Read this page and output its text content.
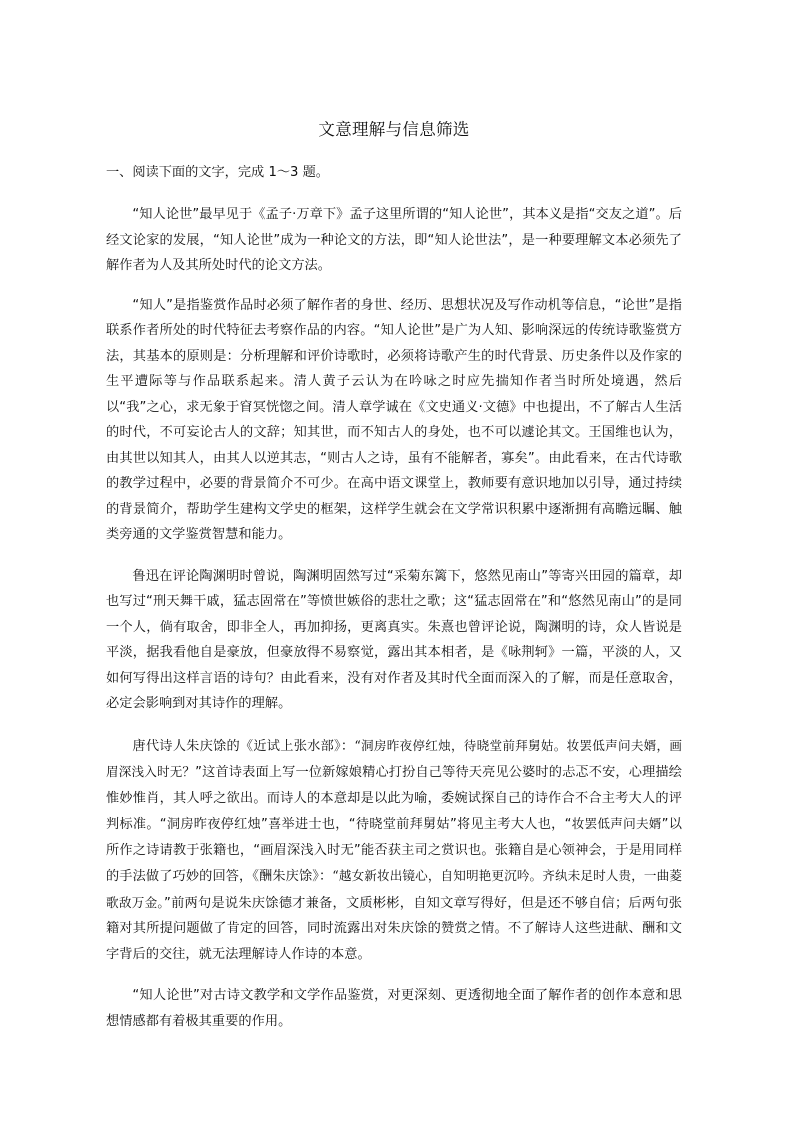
文意理解与信息筛选

一、阅读下面的文字，完成 1～3 题。

“知人论世”最早见于《孟子·万章下》孟子这里所谓的“知人论世”，其本义是指“交友之道”。后经文论家的发展，“知人论世”成为一种论文的方法，即“知人论世法”，是一种要理解文本必须先了解作者为人及其所处时代的论文方法。

“知人”是指鉴赏作品时必须了解作者的身世、经历、思想状况及写作动机等信息，“论世”是指联系作者所处的时代特征去考察作品的内容。“知人论世”是广为人知、影响深远的传统诗歌鉴赏方法，其基本的原则是：分析理解和评价诗歌时，必须将诗歌产生的时代背景、历史条件以及作家的生平遭际等与作品联系起来。清人黄子云认为在吟咏之时应先揣知作者当时所处境遇，然后以“我”之心，求无象于窅冥恍惚之间。清人章学诚在《文史通义·文德》中也提出，不了解古人生活的时代，不可妄论古人的文辞；知其世，而不知古人的身处，也不可以遽论其文。王国维也认为，由其世以知其人，由其人以逆其志，“则古人之诗，虽有不能解者，寡矣”。由此看来，在古代诗歌的教学过程中，必要的背景简介不可少。在高中语文课堂上，教师要有意识地加以引导，通过持续的背景简介，帮助学生建构文学史的框架，这样学生就会在文学常识积累中逐渐拥有高瞻远瞩、触类旁通的文学鉴赏智慧和能力。

鲁迅在评论陶渊明时曾说，陶渊明固然写过“采菊东篱下，悠然见南山”等寄兴田园的篇章，却也写过“刑天舞干戚，猛志固常在”等愤世嫉俗的悲壮之歌；这“猛志固常在”和“悠然见南山”的是同一个人，倘有取舍，即非全人，再加抑扬，更离真实。朱熹也曾评论说，陶渊明的诗，众人皆说是平淡，据我看他自是豪放，但豪放得不易察觉，露出其本相者，是《咏荆轲》一篇，平淡的人，又如何写得出这样言语的诗句？由此看来，没有对作者及其时代全面而深入的了解，而是任意取舍，必定会影响到对其诗作的理解。

唐代诗人朱庆馀的《近试上张水部》：“洞房昨夜停红烛，待晓堂前拜舅姑。妆罢低声问夫婿，画眉深浅入时无？”这首诗表面上写一位新嫁娘精心打扮自己等待天亮见公婆时的忐忑不安，心理描绘惟妙惟肖，其人呼之欲出。而诗人的本意却是以此为喻，委婉试探自己的诗作合不合主考大人的评判标准。“洞房昨夜停红烛”喜举进士也，“待晓堂前拜舅姑”将见主考大人也，“妆罢低声问夫婿”以所作之诗请教于张籍也，“画眉深浅入时无”能否获主司之赏识也。张籍自是心领神会，于是用同样的手法做了巧妙的回答，《酬朱庆馀》：“越女新妆出镜心，自知明艳更沉吟。齐纨未足时人贵，一曲菱歌敌万金。”前两句是说朱庆馀德才兼备，文质彬彬，自知文章写得好，但是还不够自信；后两句张籍对其所提问题做了肯定的回答，同时流露出对朱庆馀的赞赏之情。不了解诗人这些进献、酬和文字背后的交往，就无法理解诗人作诗的本意。

“知人论世”对古诗文教学和文学作品鉴赏，对更深刻、更透彻地全面了解作者的创作本意和思想情感都有着极其重要的作用。
